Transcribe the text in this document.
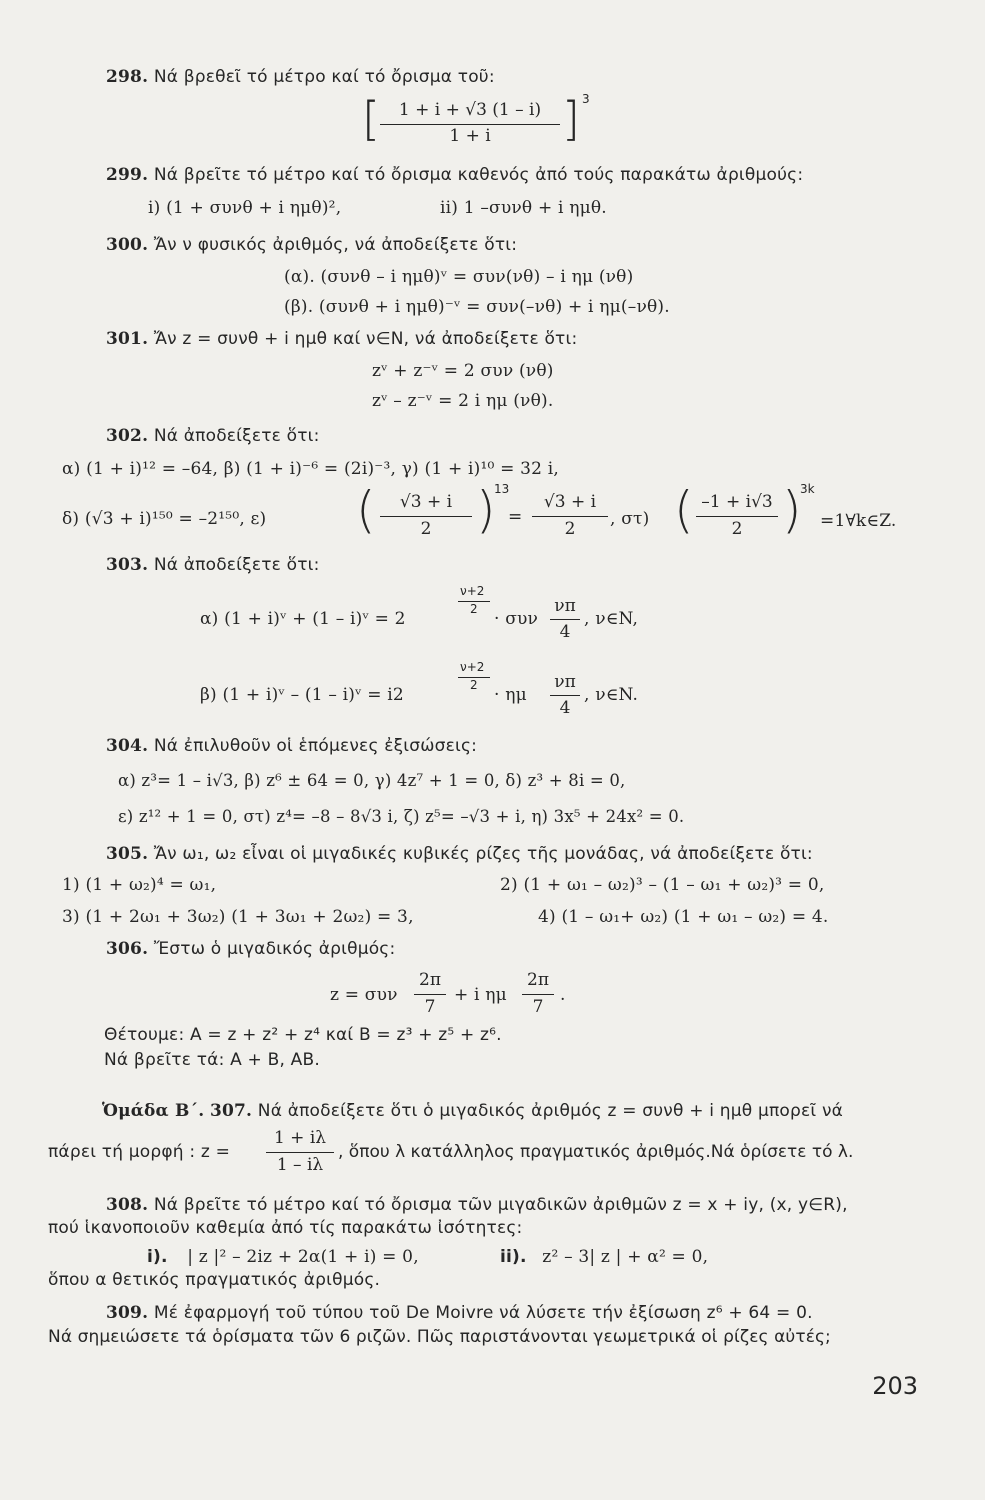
298. Νά βρεθεῖ τό μέτρο καί τό ὄρισμα τοῦ:
[	1 + i + √3 (1 – i)
1 + i	] 3
299. Νά βρεῖτε τό μέτρο καί τό ὄρισμα καθενός ἀπό τούς παρακάτω ἀριθμούς:
i) (1 + συνθ + i ημθ)²,	ii) 1 –συνθ + i ημθ.
300. Ἄν ν φυσικός ἀριθμός, νά ἀποδείξετε ὅτι:
(α). (συνθ – i ημθ)ᵛ = συν(νθ) – i ημ (νθ)
(β). (συνθ + i ημθ)⁻ᵛ = συν(–νθ) + i ημ(–νθ).
301. Ἄν z = συνθ + i ημθ καί ν∈N, νά ἀποδείξετε ὅτι:
zᵛ + z⁻ᵛ = 2 συν (νθ)
zᵛ – z⁻ᵛ = 2 i ημ (νθ).
302. Νά ἀποδείξετε ὅτι:
α) (1 + i)¹² = –64, β) (1 + i)⁻⁶ = (2i)⁻³, γ) (1 + i)¹⁰ = 32 i,
δ) (√3 + i)¹⁵⁰ = –2¹⁵⁰, ε) (	√3 + i
2 )
13
=
√3 + i
2	, στ) ( –1 + i√3
2 )
3k
=1∀k∈Z.
303. Νά ἀποδείξετε ὅτι:
ν+2
2
α) (1 + i)ᵛ + (1 – i)ᵛ = 2	· συν
νπ
4
, ν∈N,
ν+2
2
β) (1 + i)ᵛ – (1 – i)ᵛ = i2	· ημ
νπ
4
, ν∈N.
304. Νά ἐπιλυθοῦν οἱ ἑπόμενες ἐξισώσεις:
α) z³= 1 – i√3, β) z⁶ ± 64 = 0, γ) 4z⁷ + 1 = 0, δ) z³ + 8i = 0,
ε) z¹² + 1 = 0, στ) z⁴= –8 – 8√3 i, ζ) z⁵= –√3 + i, η) 3x⁵ + 24x² = 0.
305. Ἄν ω₁, ω₂ εἶναι οἱ μιγαδικές κυβικές ρίζες τῆς μονάδας, νά ἀποδείξετε ὅτι:
1) (1 + ω₂)⁴ = ω₁,	2) (1 + ω₁ – ω₂)³ – (1 – ω₁ + ω₂)³ = 0,
3) (1 + 2ω₁ + 3ω₂) (1 + 3ω₁ + 2ω₂) = 3,	4) (1 – ω₁+ ω₂) (1 + ω₁ – ω₂) = 4.
306. Ἔστω ὁ μιγαδικός ἀριθμός:
z = συν
2π
7
+ i ημ
2π
7
.
Θέτουμε: A = z + z² + z⁴ καί B = z³ + z⁵ + z⁶.
Νά βρεῖτε τά: A + B, AB.
Ὁμάδα Β΄. 307. Νά ἀποδείξετε ὅτι ὁ μιγαδικός ἀριθμός z = συνθ + i ημθ μπορεῖ νά
πάρει τή μορφή : z =
1 + iλ
1 – iλ
, ὅπου λ κατάλληλος πραγματικός ἀριθμός.Νά ὁρίσετε τό λ.
308. Νά βρεῖτε τό μέτρο καί τό ὄρισμα τῶν μιγαδικῶν ἀριθμῶν z = x + iy, (x, y∈R),
πού ἱκανοποιοῦν καθεμία ἀπό τίς παρακάτω ἰσότητες:
i). | z |² – 2iz + 2α(1 + i) = 0,	ii). z² – 3| z | + α² = 0,
ὅπου α θετικός πραγματικός ἀριθμός.
309. Μέ ἐφαρμογή τοῦ τύπου τοῦ De Moivre νά λύσετε τήν ἐξίσωση z⁶ + 64 = 0.
Νά σημειώσετε τά ὁρίσματα τῶν 6 ριζῶν. Πῶς παριστάνονται γεωμετρικά οἱ ρίζες αὐτές;
203
